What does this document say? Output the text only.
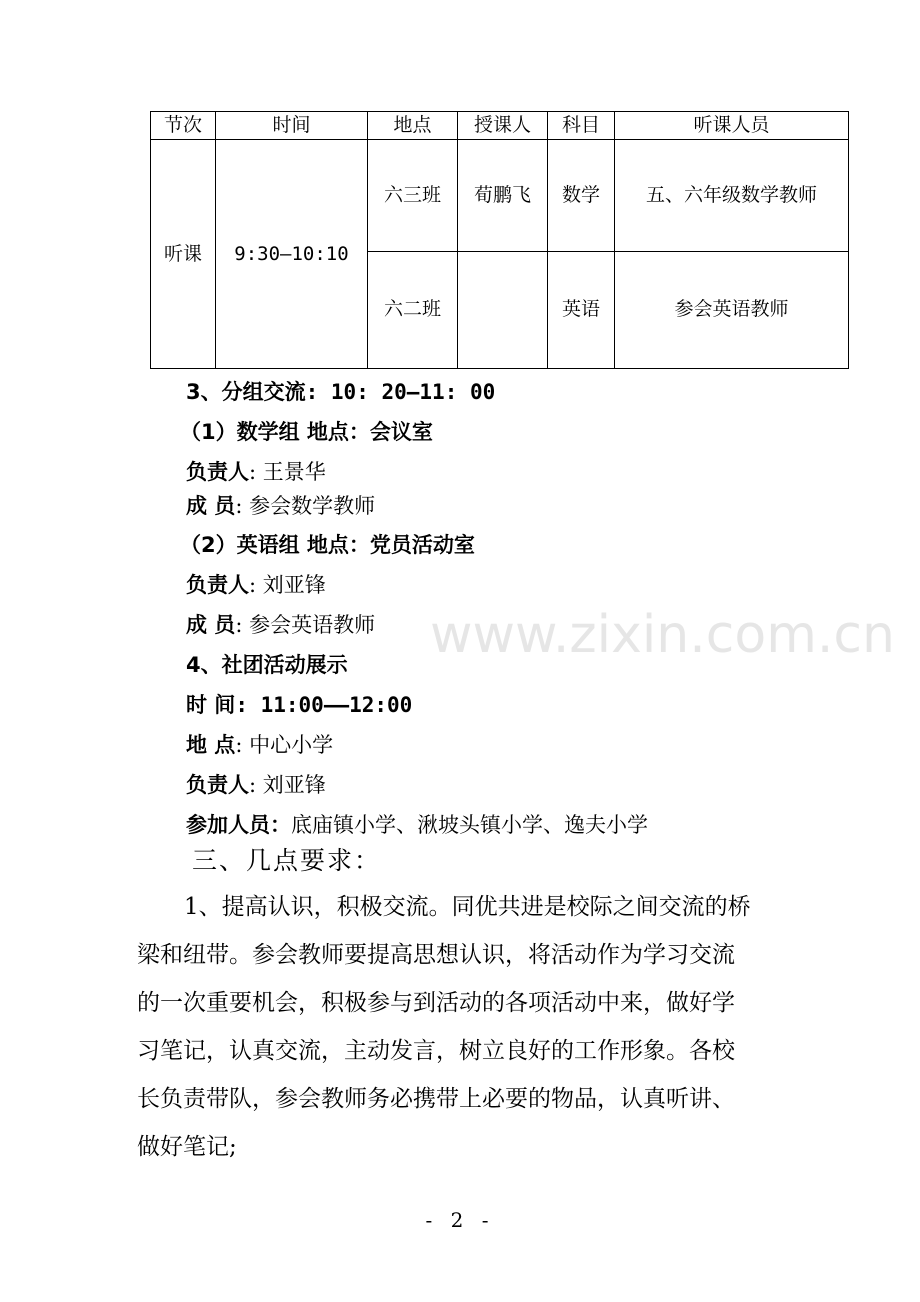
节次	时间	地点	授课人	科目	听课人员
听课	9:30—10:10	六三班	荀鹏飞	数学	五、六年级数学教师
		六二班		英语	参会英语教师
www.zixin.com.cn
3、分组交流: 10: 20—11: 00
（1）数学组 地点：会议室
负责人: 王景华
成 员: 参会数学教师
（2）英语组 地点：党员活动室
负责人: 刘亚锋
成 员: 参会英语教师
4、社团活动展示
时 间: 11:00——12:00
地 点: 中心小学
负责人: 刘亚锋
参加人员：底庙镇小学、湫坡头镇小学、逸夫小学
三、几点要求：
1、提高认识，积极交流。同优共进是校际之间交流的桥
梁和纽带。参会教师要提高思想认识，将活动作为学习交流
的一次重要机会，积极参与到活动的各项活动中来，做好学
习笔记，认真交流，主动发言，树立良好的工作形象。各校
长负责带队，参会教师务必携带上必要的物品，认真听讲、
做好笔记;
- 2 -
